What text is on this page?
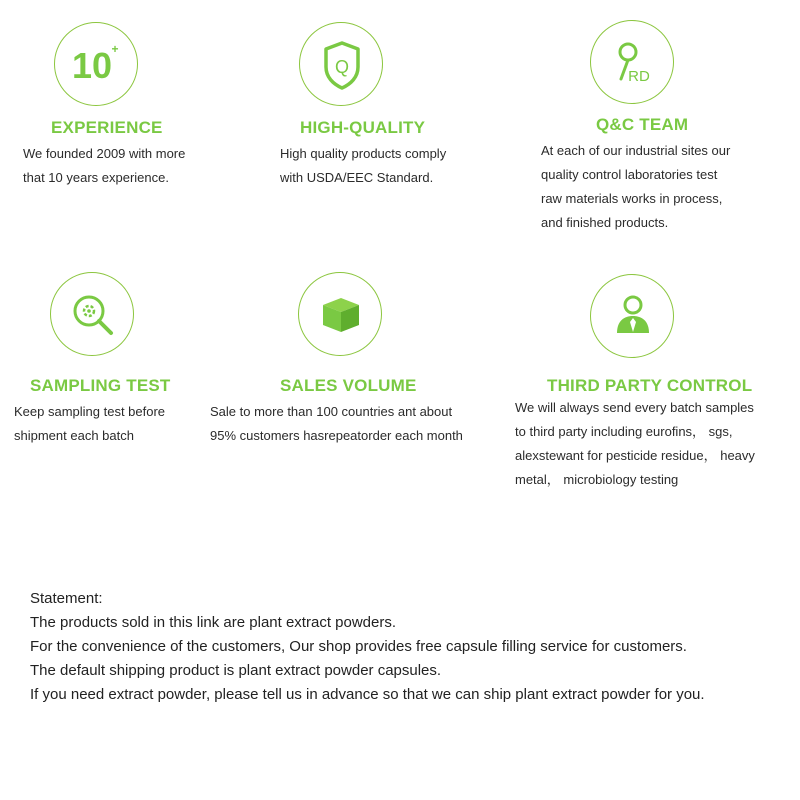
10 +
EXPERIENCE
We founded 2009 with more
that 10 years experience.
Q
HIGH-QUALITY
High quality products comply
with USDA/EEC Standard.
RD
Q&C TEAM
At each of our industrial sites our
quality control laboratories test
raw materials works in process,
and finished products.
SAMPLING TEST
Keep sampling test before
shipment each batch
SALES VOLUME
Sale to more than 100 countries ant about
95% customers hasrepeatorder each month
THIRD PARTY CONTROL
We will always send every batch samples
to third party including eurofins， sgs,
alexstewant for pesticide residue， heavy
metal， microbiology testing
Statement:
The products sold in this link are plant extract powders.
For the convenience of the customers, Our shop provides free capsule filling service for customers.
The default shipping product is plant extract powder capsules.
If you need extract powder, please tell us in advance so that we can ship plant extract powder for you.
